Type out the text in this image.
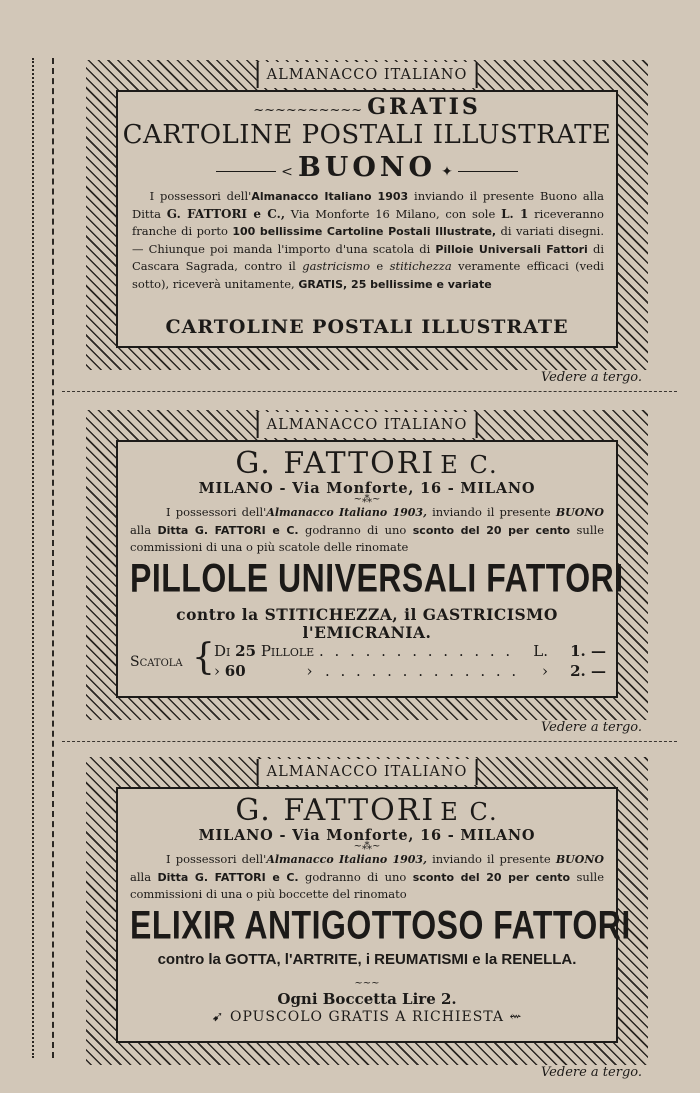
~~~~~~~~~~ GRATIS
CARTOLINE POSTALI ILLUSTRATE
< BUONO ✦
I possessori dell'Almanacco Italiano 1903 inviando il presente Buono alla Ditta G. FATTORI e C., Via Monforte 16 Milano, con sole L. 1 riceveranno franche di porto 100 bellissime Cartoline Postali Illustrate, di variati disegni. — Chiunque poi manda l'importo d'una scatola di Pilloie Universali Fattori di Cascara Sagrada, contro il gastricismo e stitichezza veramente efficaci (vedi sotto), riceverà unitamente, GRATIS, 25 bellissime e variate
CARTOLINE POSTALI ILLUSTRATE
ALMANACCO ITALIANO
Vedere a tergo.
G. FATTORI E C.
MILANO - Via Monforte, 16 - MILANO
~⁂~
I possessori dell'Almanacco Italiano 1903, inviando il presente BUONO alla Ditta G. FATTORI e C. godranno di uno sconto del 20 per cento sulle commissioni di una o più scatole delle rinomate
PILLOLE UNIVERSALI FATTORI
contro la STITICHEZZA, il GASTRICISMO
l'EMICRANIA.
Scatola { Di 25 Pillole . . . . . . . . . . . . . L. 1. —
› 60	›  . . . . . . . . . . . . . › 2. —
ALMANACCO ITALIANO
Vedere a tergo.
G. FATTORI E C.
MILANO - Via Monforte, 16 - MILANO
~⁂~
I possessori dell'Almanacco Italiano 1903, inviando il presente BUONO alla Ditta G. FATTORI e C. godranno di uno sconto del 20 per cento sulle commissioni di una o più boccette del rinomato
ELIXIR ANTIGOTTOSO FATTORI
contro la GOTTA, l'ARTRITE, i REUMATISMI e la RENELLA.
~~~
Ogni Boccetta Lire 2.
➹ OPUSCOLO GRATIS A RICHIESTA ⇜
ALMANACCO ITALIANO
Vedere a tergo.
